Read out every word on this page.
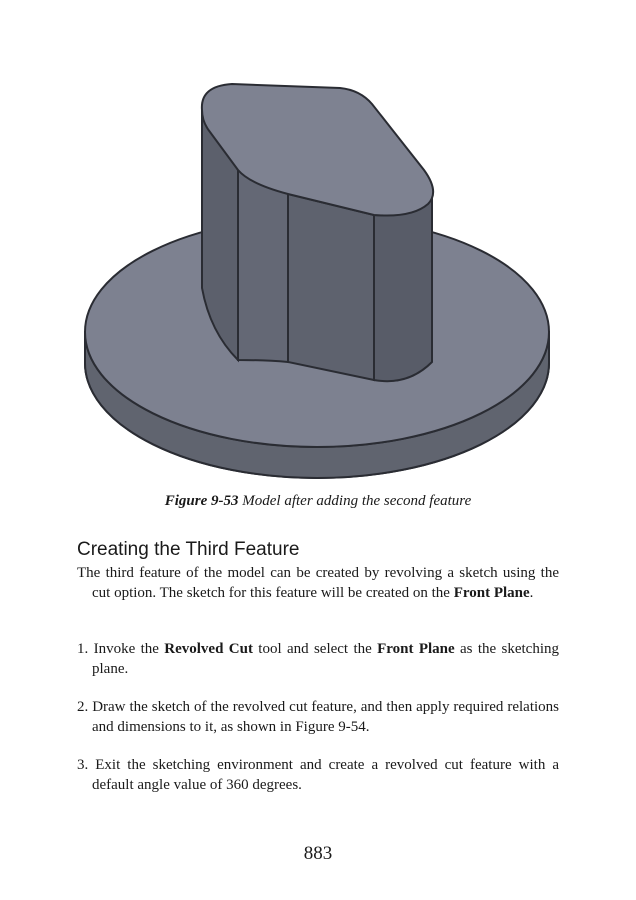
Figure 9-53 Model after adding the second feature
Creating the Third Feature

The third feature of the model can be created by revolving a sketch using the cut option. The sketch for this feature will be created on the Front Plane.

1. Invoke the Revolved Cut tool and select the Front Plane as the sketching plane.

2. Draw the sketch of the revolved cut feature, and then apply required relations and dimensions to it, as shown in Figure 9-54.

3. Exit the sketching environment and create a revolved cut feature with a default angle value of 360 degrees.

883
